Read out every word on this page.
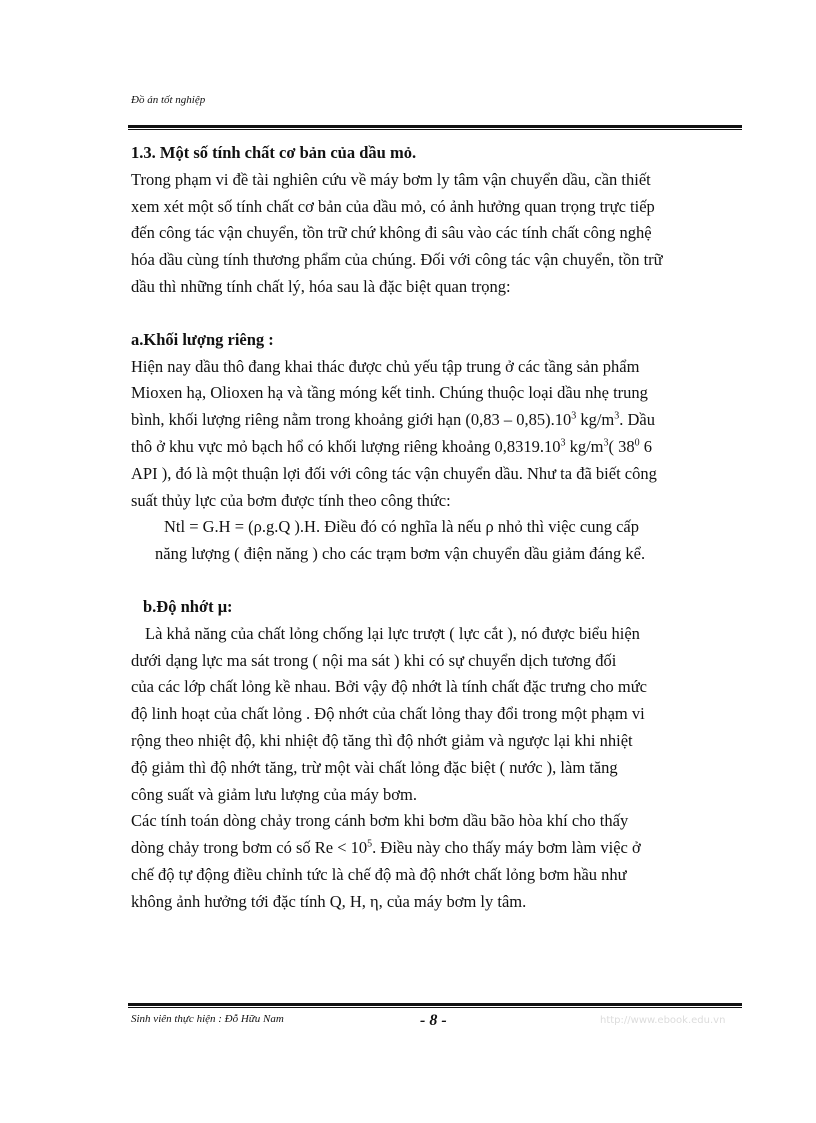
Đồ án tốt nghiệp

1.3. Một số tính chất cơ bản của dầu mỏ.

Trong phạm vi đề tài nghiên cứu về máy bơm ly tâm vận chuyển dầu, cần thiết

xem xét một số tính chất cơ bản của dầu mỏ, có ảnh hưởng quan trọng trực tiếp

đến công tác vận chuyển, tồn trữ chứ không đi sâu vào các tính chất công nghệ

hóa dầu cùng tính thương phẩm của chúng. Đối với công tác vận chuyển, tồn trữ

dầu thì những tính chất lý, hóa sau là đặc biệt quan trọng:

a.Khối lượng riêng :

Hiện nay dầu thô đang khai thác được chủ yếu tập trung ở các tầng sản phẩm

Mioxen hạ, Olioxen hạ và tầng móng kết tinh. Chúng thuộc loại dầu nhẹ trung

bình, khối lượng riêng nằm trong khoảng giới hạn $(0,83 - 0,85).10^3$ $kg/m^3$. Dầu

thô ở khu vực mỏ bạch hổ có khối lượng riêng khoảng 0,8319.10$^3$ $kg/m^3$( $38^0$ 6

API ), đó là một thuận lợi đối với công tác vận chuyển dầu. Như ta đã biết công

suất thủy lực của bơm được tính theo công thức:

Ntl = G.H = (ρ.g.Q ).H. Điều đó có nghĩa là nếu ρ nhỏ thì việc cung cấp

năng lượng ( điện năng ) cho các trạm bơm vận chuyển dầu giảm đáng kể.

b.Độ nhớt μ:

Là khả năng của chất lỏng chống lại lực trượt ( lực cắt ), nó được biểu hiện

dưới dạng lực ma sát trong ( nội ma sát ) khi có sự chuyển dịch tương đối

của các lớp chất lỏng kề nhau. Bởi vậy độ nhớt là tính chất đặc trưng cho mức

độ linh hoạt của chất lỏng . Độ nhớt của chất lỏng thay đổi trong một phạm vi

rộng theo nhiệt độ, khi nhiệt độ tăng thì độ nhớt giảm và ngược lại khi nhiệt

độ giảm thì độ nhớt tăng, trừ một vài chất lỏng đặc biệt ( nước ), làm tăng

công suất và giảm lưu lượng của máy bơm.

Các tính toán dòng chảy trong cánh bơm khi bơm dầu bão hòa khí cho thấy

dòng chảy trong bơm có số $Re < 10^5$. Điều này cho thấy máy bơm làm việc ở

chế độ tự động điều chỉnh tức là chế độ mà độ nhớt chất lỏng bơm hầu như

không ảnh hưởng tới đặc tính Q, H, η, của máy bơm ly tâm.

Sinh viên thực hiện : Đỗ Hữu Nam	- 8 -	http://www.ebook.edu.vn
